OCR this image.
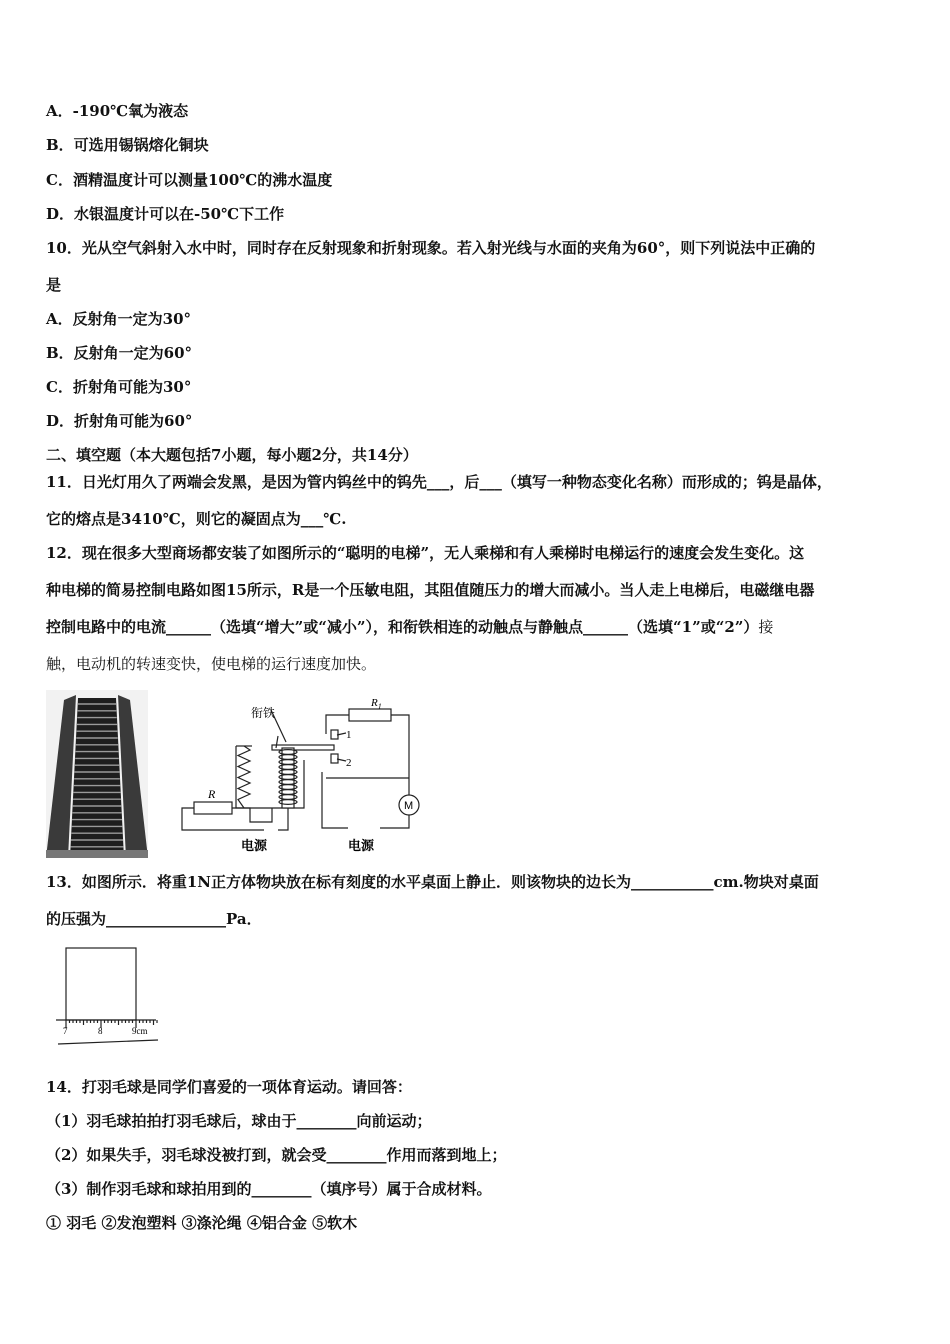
A．-190℃氧为液态
B．可选用锡锅熔化铜块
C．酒精温度计可以测量100℃的沸水温度
D．水银温度计可以在-50℃下工作
10．光从空气斜射入水中时，同时存在反射现象和折射现象。若入射光线与水面的夹角为60°，则下列说法中正确的
是
A．反射角一定为30°
B．反射角一定为60°
C．折射角可能为30°
D．折射角可能为60°
二、填空题（本大题包括7小题，每小题2分，共14分）
11．日光灯用久了两端会发黑，是因为管内钨丝中的钨先___，后___（填写一种物态变化名称）而形成的；钨是晶体，
它的熔点是3410℃，则它的凝固点为___℃.
12．现在很多大型商场都安装了如图所示的“聪明的电梯”，无人乘梯和有人乘梯时电梯运行的速度会发生变化。这
种电梯的简易控制电路如图15所示，R是一个压敏电阻，其阻值随压力的增大而减小。当人走上电梯后，电磁继电器
控制电路中的电流______（选填“增大”或“减小”），和衔铁相连的动触点与静触点______（选填“1”或“2”）接
触，电动机的转速变快，使电梯的运行速度加快。
衔铁
$R_1$
1
2
R
M
电源	电源
13．如图所示．将重1N正方体物块放在标有刻度的水平桌面上静止．则该物块的边长为___________cm.物块对桌面
的压强为________________Pa．
7	8	9cm
14．打羽毛球是同学们喜爱的一项体育运动。请回答：
（1）羽毛球拍拍打羽毛球后，球由于________向前运动；
（2）如果失手，羽毛球没被打到，就会受________作用而落到地上；
（3）制作羽毛球和球拍用到的________（填序号）属于合成材料。
① 羽毛 ②发泡塑料 ③涤沦绳 ④铝合金 ⑤软木
